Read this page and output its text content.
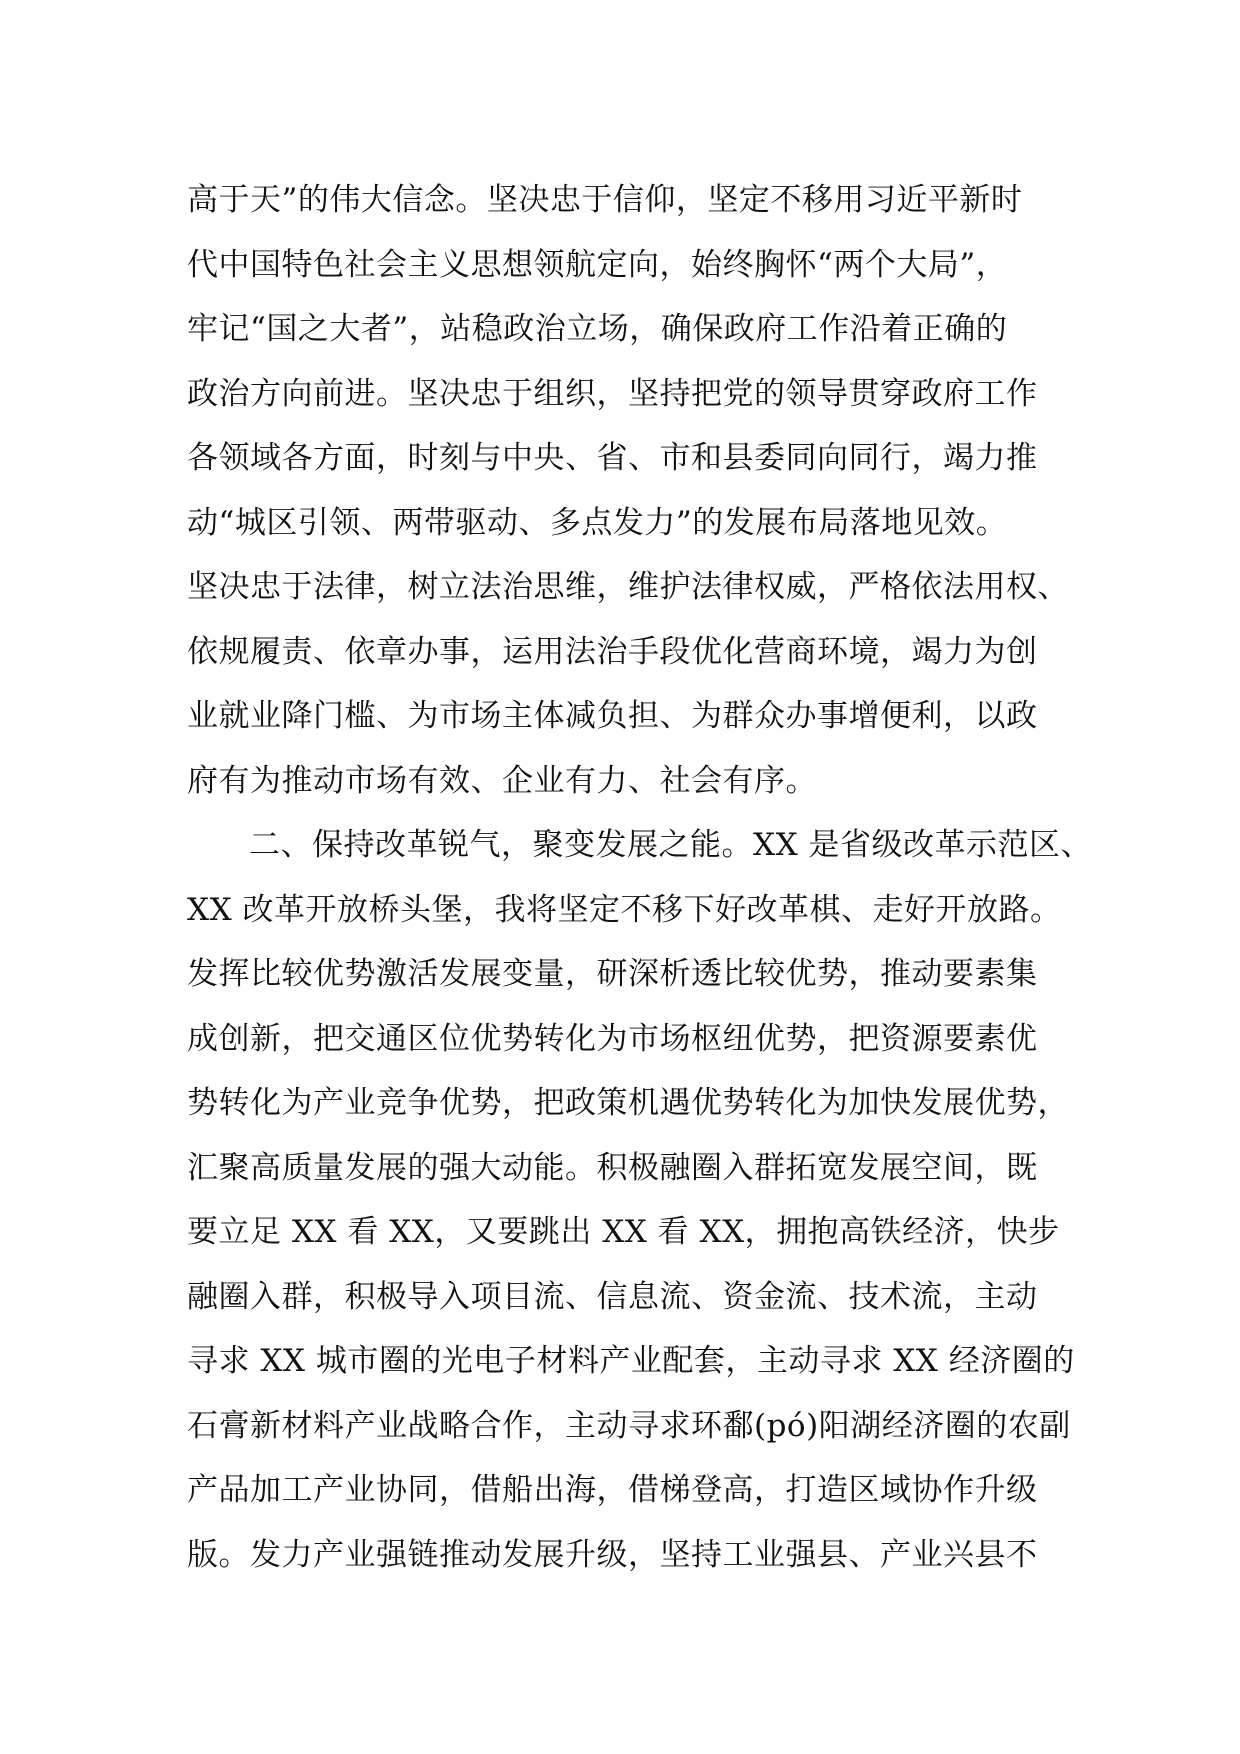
高于天”的伟大信念。坚决忠于信仰，坚定不移用习近平新时
代中国特色社会主义思想领航定向，始终胸怀“两个大局”，
牢记“国之大者”，站稳政治立场，确保政府工作沿着正确的
政治方向前进。坚决忠于组织，坚持把党的领导贯穿政府工作
各领域各方面，时刻与中央、省、市和县委同向同行，竭力推
动“城区引领、两带驱动、多点发力”的发展布局落地见效。
坚决忠于法律，树立法治思维，维护法律权威，严格依法用权、
依规履责、依章办事，运用法治手段优化营商环境，竭力为创
业就业降门槛、为市场主体减负担、为群众办事增便利，以政
府有为推动市场有效、企业有力、社会有序。
二、保持改革锐气，聚变发展之能。XX 是省级改革示范区、
XX 改革开放桥头堡，我将坚定不移下好改革棋、走好开放路。
发挥比较优势激活发展变量，研深析透比较优势，推动要素集
成创新，把交通区位优势转化为市场枢纽优势，把资源要素优
势转化为产业竞争优势，把政策机遇优势转化为加快发展优势，
汇聚高质量发展的强大动能。积极融圈入群拓宽发展空间，既
要立足 XX 看 XX，又要跳出 XX 看 XX，拥抱高铁经济，快步
融圈入群，积极导入项目流、信息流、资金流、技术流，主动
寻求 XX 城市圈的光电子材料产业配套，主动寻求 XX 经济圈的
石膏新材料产业战略合作，主动寻求环鄱(pó)阳湖经济圈的农副
产品加工产业协同，借船出海，借梯登高，打造区域协作升级
版。发力产业强链推动发展升级，坚持工业强县、产业兴县不
